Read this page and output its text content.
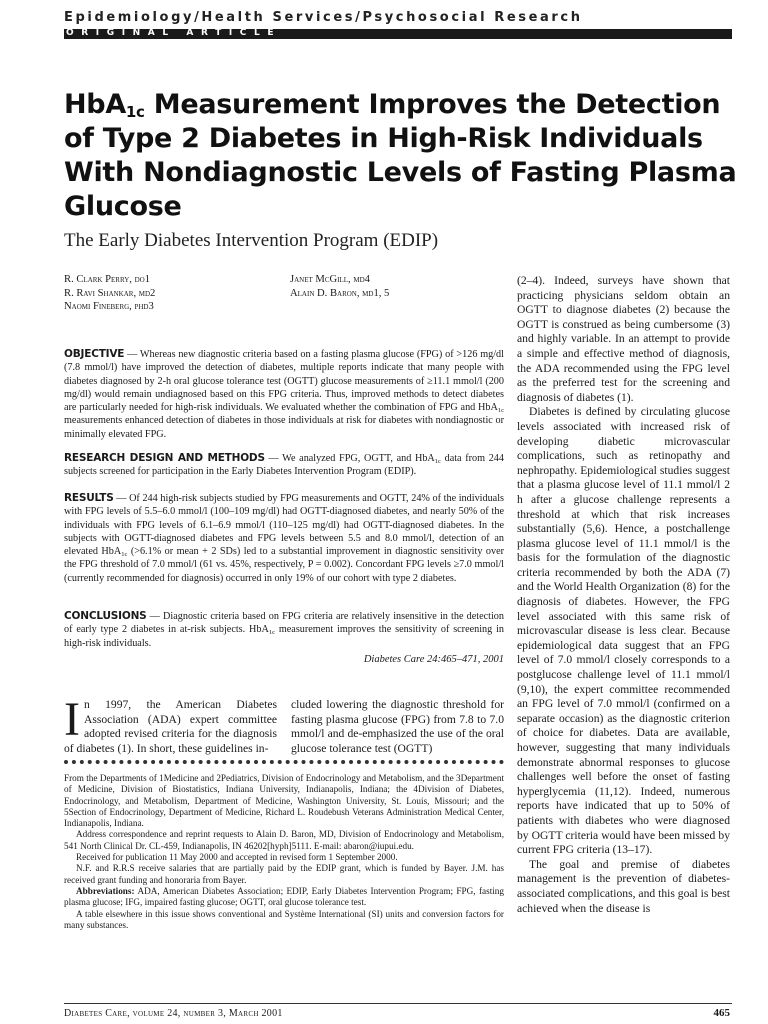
Epidemiology/Health Services/Psychosocial Research
ORIGINAL ARTICLE
HbA$_{1c}$ Measurement Improves the Detection of Type 2 Diabetes in High-Risk Individuals With Nondiagnostic Levels of Fasting Plasma Glucose
The Early Diabetes Intervention Program (EDIP)
R. Clark Perry, do1
R. Ravi Shankar, md2
Naomi Fineberg, phd3
Janet McGill, md4
Alain D. Baron, md1, 5

OBJECTIVE — Whereas new diagnostic criteria based on a fasting plasma glucose (FPG) of >126 mg/dl (7.8 mmol/l) have improved the detection of diabetes, multiple reports indicate that many people with diabetes diagnosed by 2-h oral glucose tolerance test (OGTT) glucose measurements of ≥11.1 mmol/l (200 mg/dl) would remain undiagnosed based on this FPG criteria. Thus, improved methods to detect diabetes are particularly needed for high-risk individuals. We evaluated whether the combination of FPG and HbA$_{1c}$ measurements enhanced detection of diabetes in those individuals at risk for diabetes with nondiagnostic or minimally elevated FPG.

RESEARCH DESIGN AND METHODS — We analyzed FPG, OGTT, and HbA$_{1c}$ data from 244 subjects screened for participation in the Early Diabetes Intervention Program (EDIP).

RESULTS — Of 244 high-risk subjects studied by FPG measurements and OGTT, 24% of the individuals with FPG levels of 5.5–6.0 mmol/l (100–109 mg/dl) had OGTT-diagnosed diabetes, and nearly 50% of the individuals with FPG levels of 6.1–6.9 mmol/l (110–125 mg/dl) had OGTT-diagnosed diabetes. In the subjects with OGTT-diagnosed diabetes and FPG levels between 5.5 and 8.0 mmol/l, detection of an elevated HbA$_{1c}$ (>6.1% or mean + 2 SDs) led to a substantial improvement in diagnostic sensitivity over the FPG threshold of 7.0 mmol/l (61 vs. 45%, respectively, P = 0.002). Concordant FPG levels ≥7.0 mmol/l (currently recommended for diagnosis) occurred in only 19% of our cohort with type 2 diabetes.

CONCLUSIONS — Diagnostic criteria based on FPG criteria are relatively insensitive in the detection of early type 2 diabetes in at-risk subjects. HbA$_{1c}$ measurement improves the sensitivity of screening in high-risk individuals.

Diabetes Care 24:465–471, 2001

In 1997, the American Diabetes Association (ADA) expert committee adopted revised criteria for the diagnosis of diabetes (1). In short, these guidelines in-

cluded lowering the diagnostic threshold for fasting plasma glucose (FPG) from 7.8 to 7.0 mmol/l and de-emphasized the use of the oral glucose tolerance test (OGTT)

From the Departments of 1Medicine and 2Pediatrics, Division of Endocrinology and Metabolism, and the 3Department of Medicine, Division of Biostatistics, Indiana University, Indianapolis, Indiana; the 4Division of Diabetes, Endocrinology, and Metabolism, Department of Medicine, Washington University, St. Louis, Missouri; and the 5Section of Endocrinology, Department of Medicine, Richard L. Roudebush Veterans Administration Medical Center, Indianapolis, Indiana.

Address correspondence and reprint requests to Alain D. Baron, MD, Division of Endocrinology and Metabolism, 541 North Clinical Dr. CL-459, Indianapolis, IN 46202[hyph]5111. E-mail: abaron@iupui.edu.

Received for publication 11 May 2000 and accepted in revised form 1 September 2000.

N.F. and R.R.S receive salaries that are partially paid by the EDIP grant, which is funded by Bayer. J.M. has received grant funding and honoraria from Bayer.

Abbreviations: ADA, American Diabetes Association; EDIP, Early Diabetes Intervention Program; FPG, fasting plasma glucose; IFG, impaired fasting glucose; OGTT, oral glucose tolerance test.

A table elsewhere in this issue shows conventional and Système International (SI) units and conversion factors for many substances.

(2–4). Indeed, surveys have shown that practicing physicians seldom obtain an OGTT to diagnose diabetes (2) because the OGTT is construed as being cumbersome (3) and highly variable. In an attempt to provide a simple and effective method of diagnosis, the ADA recommended using the FPG level as the preferred test for the screening and diagnosis of diabetes (1).

Diabetes is defined by circulating glucose levels associated with increased risk of developing diabetic microvascular complications, such as retinopathy and nephropathy. Epidemiological studies suggest that a plasma glucose level of 11.1 mmol/l 2 h after a glucose challenge represents a threshold at which that risk increases substantially (5,6). Hence, a postchallenge plasma glucose level of 11.1 mmol/l is the basis for the formulation of the diagnostic criteria recommended by both the ADA (7) and the World Health Organization (8) for the diagnosis of diabetes. However, the FPG level associated with this same risk of microvascular disease is less clear. Because epidemiological data suggest that an FPG level of 7.0 mmol/l closely corresponds to a postglucose challenge level of 11.1 mmol/l (9,10), the expert committee recommended an FPG level of 7.0 mmol/l (confirmed on a separate occasion) as the diagnostic criterion of choice for diabetes. Data are available, however, suggesting that many individuals demonstrate abnormal responses to glucose challenges well before the onset of fasting hyperglycemia (11,12). Indeed, numerous reports have indicated that up to 50% of patients with diabetes who were diagnosed by OGTT criteria would have been missed by current FPG criteria (13–17).

The goal and premise of diabetes management is the prevention of diabetes-associated complications, and this goal is best achieved when the disease is

Diabetes Care, volume 24, number 3, March 2001	465
